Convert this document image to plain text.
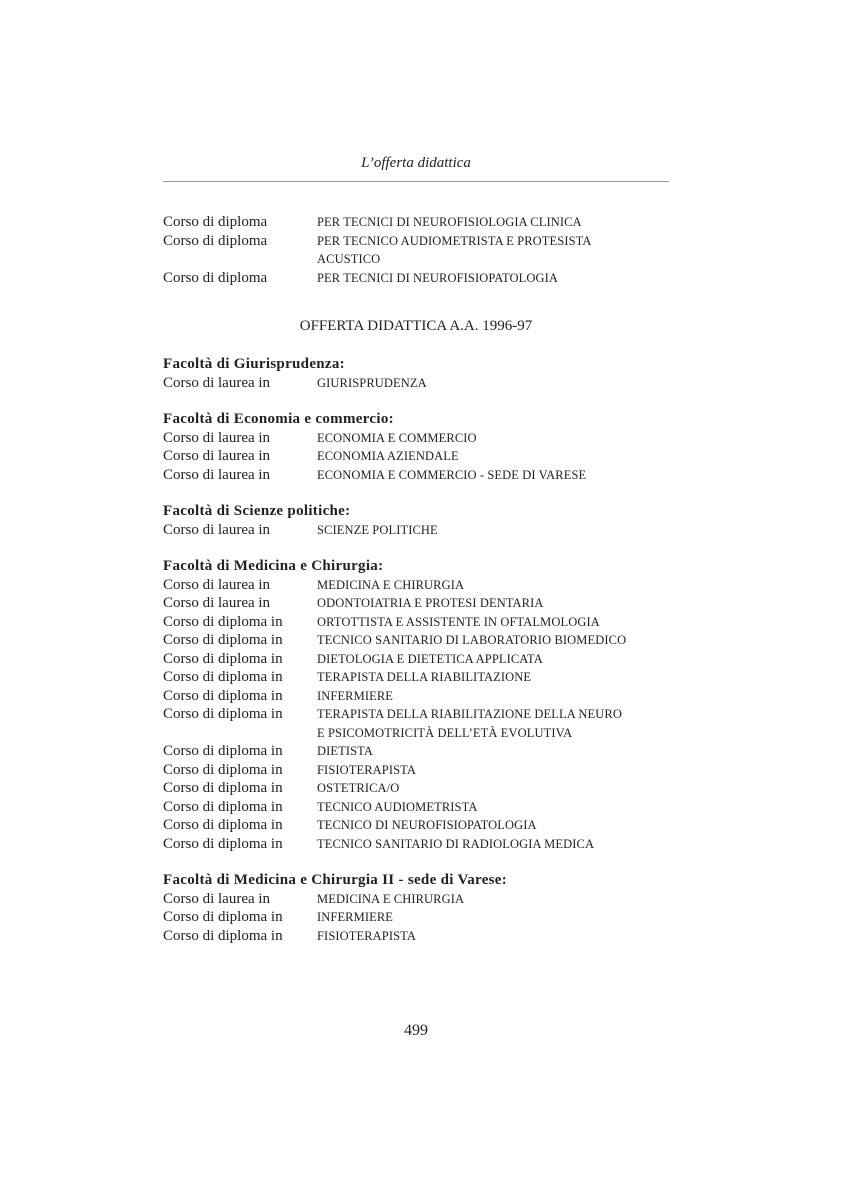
L’offerta didattica
Corso di diploma	PER TECNICI DI NEUROFISIOLOGIA CLINICA
Corso di diploma	PER TECNICO AUDIOMETRISTA E PROTESISTA
ACUSTICO
Corso di diploma	PER TECNICI DI NEUROFISIOPATOLOGIA
OFFERTA DIDATTICA A.A. 1996-97
Facoltà di Giurisprudenza:
Corso di laurea in	GIURISPRUDENZA
Facoltà di Economia e commercio:
Corso di laurea in	ECONOMIA E COMMERCIO
Corso di laurea in	ECONOMIA AZIENDALE
Corso di laurea in	ECONOMIA E COMMERCIO - SEDE DI VARESE
Facoltà di Scienze politiche:
Corso di laurea in	SCIENZE POLITICHE
Facoltà di Medicina e Chirurgia:
Corso di laurea in	MEDICINA E CHIRURGIA
Corso di laurea in	ODONTOIATRIA E PROTESI DENTARIA
Corso di diploma in	ORTOTTISTA E ASSISTENTE IN OFTALMOLOGIA
Corso di diploma in	TECNICO SANITARIO DI LABORATORIO BIOMEDICO
Corso di diploma in	DIETOLOGIA E DIETETICA APPLICATA
Corso di diploma in	TERAPISTA DELLA RIABILITAZIONE
Corso di diploma in	INFERMIERE
Corso di diploma in	TERAPISTA DELLA RIABILITAZIONE DELLA NEURO
E PSICOMOTRICITÀ DELL’ETÀ EVOLUTIVA
Corso di diploma in	DIETISTA
Corso di diploma in	FISIOTERAPISTA
Corso di diploma in	OSTETRICA/O
Corso di diploma in	TECNICO AUDIOMETRISTA
Corso di diploma in	TECNICO DI NEUROFISIOPATOLOGIA
Corso di diploma in	TECNICO SANITARIO DI RADIOLOGIA MEDICA
Facoltà di Medicina e Chirurgia II - sede di Varese:
Corso di laurea in	MEDICINA E CHIRURGIA
Corso di diploma in	INFERMIERE
Corso di diploma in	FISIOTERAPISTA
499
